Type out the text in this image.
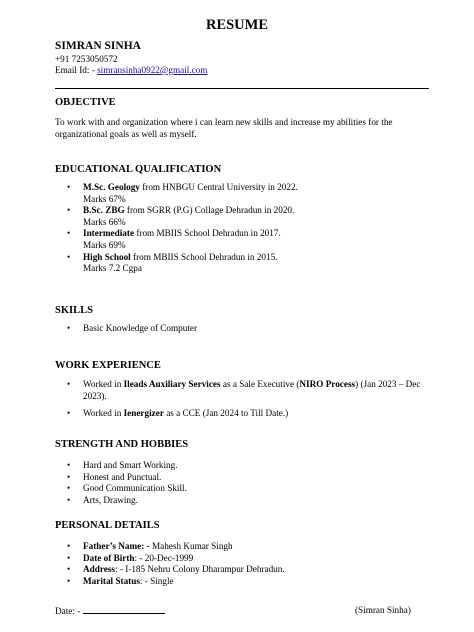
RESUME
SIMRAN SINHA
+91 7253050572
Email Id: - simransinha0922@gmail.com
OBJECTIVE
To work with and organization where i can learn new skills and increase my abilities for the
organizational goals as well as myself.
EDUCATIONAL QUALIFICATION
• M.Sc. Geology from HNBGU Central University in 2022.
Marks 67%
• B.Sc. ZBG from SGRR (P.G) Collage Dehradun in 2020.
Marks 66%
• Intermediate from MBIIS School Dehradun in 2017.
Marks 69%
• High School from MBIIS School Dehradun in 2015.
Marks 7.2 Cgpa
SKILLS
• Basic Knowledge of Computer
WORK EXPERIENCE
• Worked in Ileads Auxiliary Services as a Sale Executive (NIRO Process) (Jan 2023 – Dec
2023).
• Worked in Ienergizer as a CCE (Jan 2024 to Till Date.)
STRENGTH AND HOBBIES
• Hard and Smart Working.
• Honest and Punctual.
• Good Communication Skill.
• Arts, Drawing.
PERSONAL DETAILS
• Father’s Name: - Mahesh Kumar Singh
• Date of Birth: - 20-Dec-1999
• Address: - I-185 Nehru Colony Dharampur Dehradun.
• Marital Status: - Single
Date: -	(Simran Sinha)
